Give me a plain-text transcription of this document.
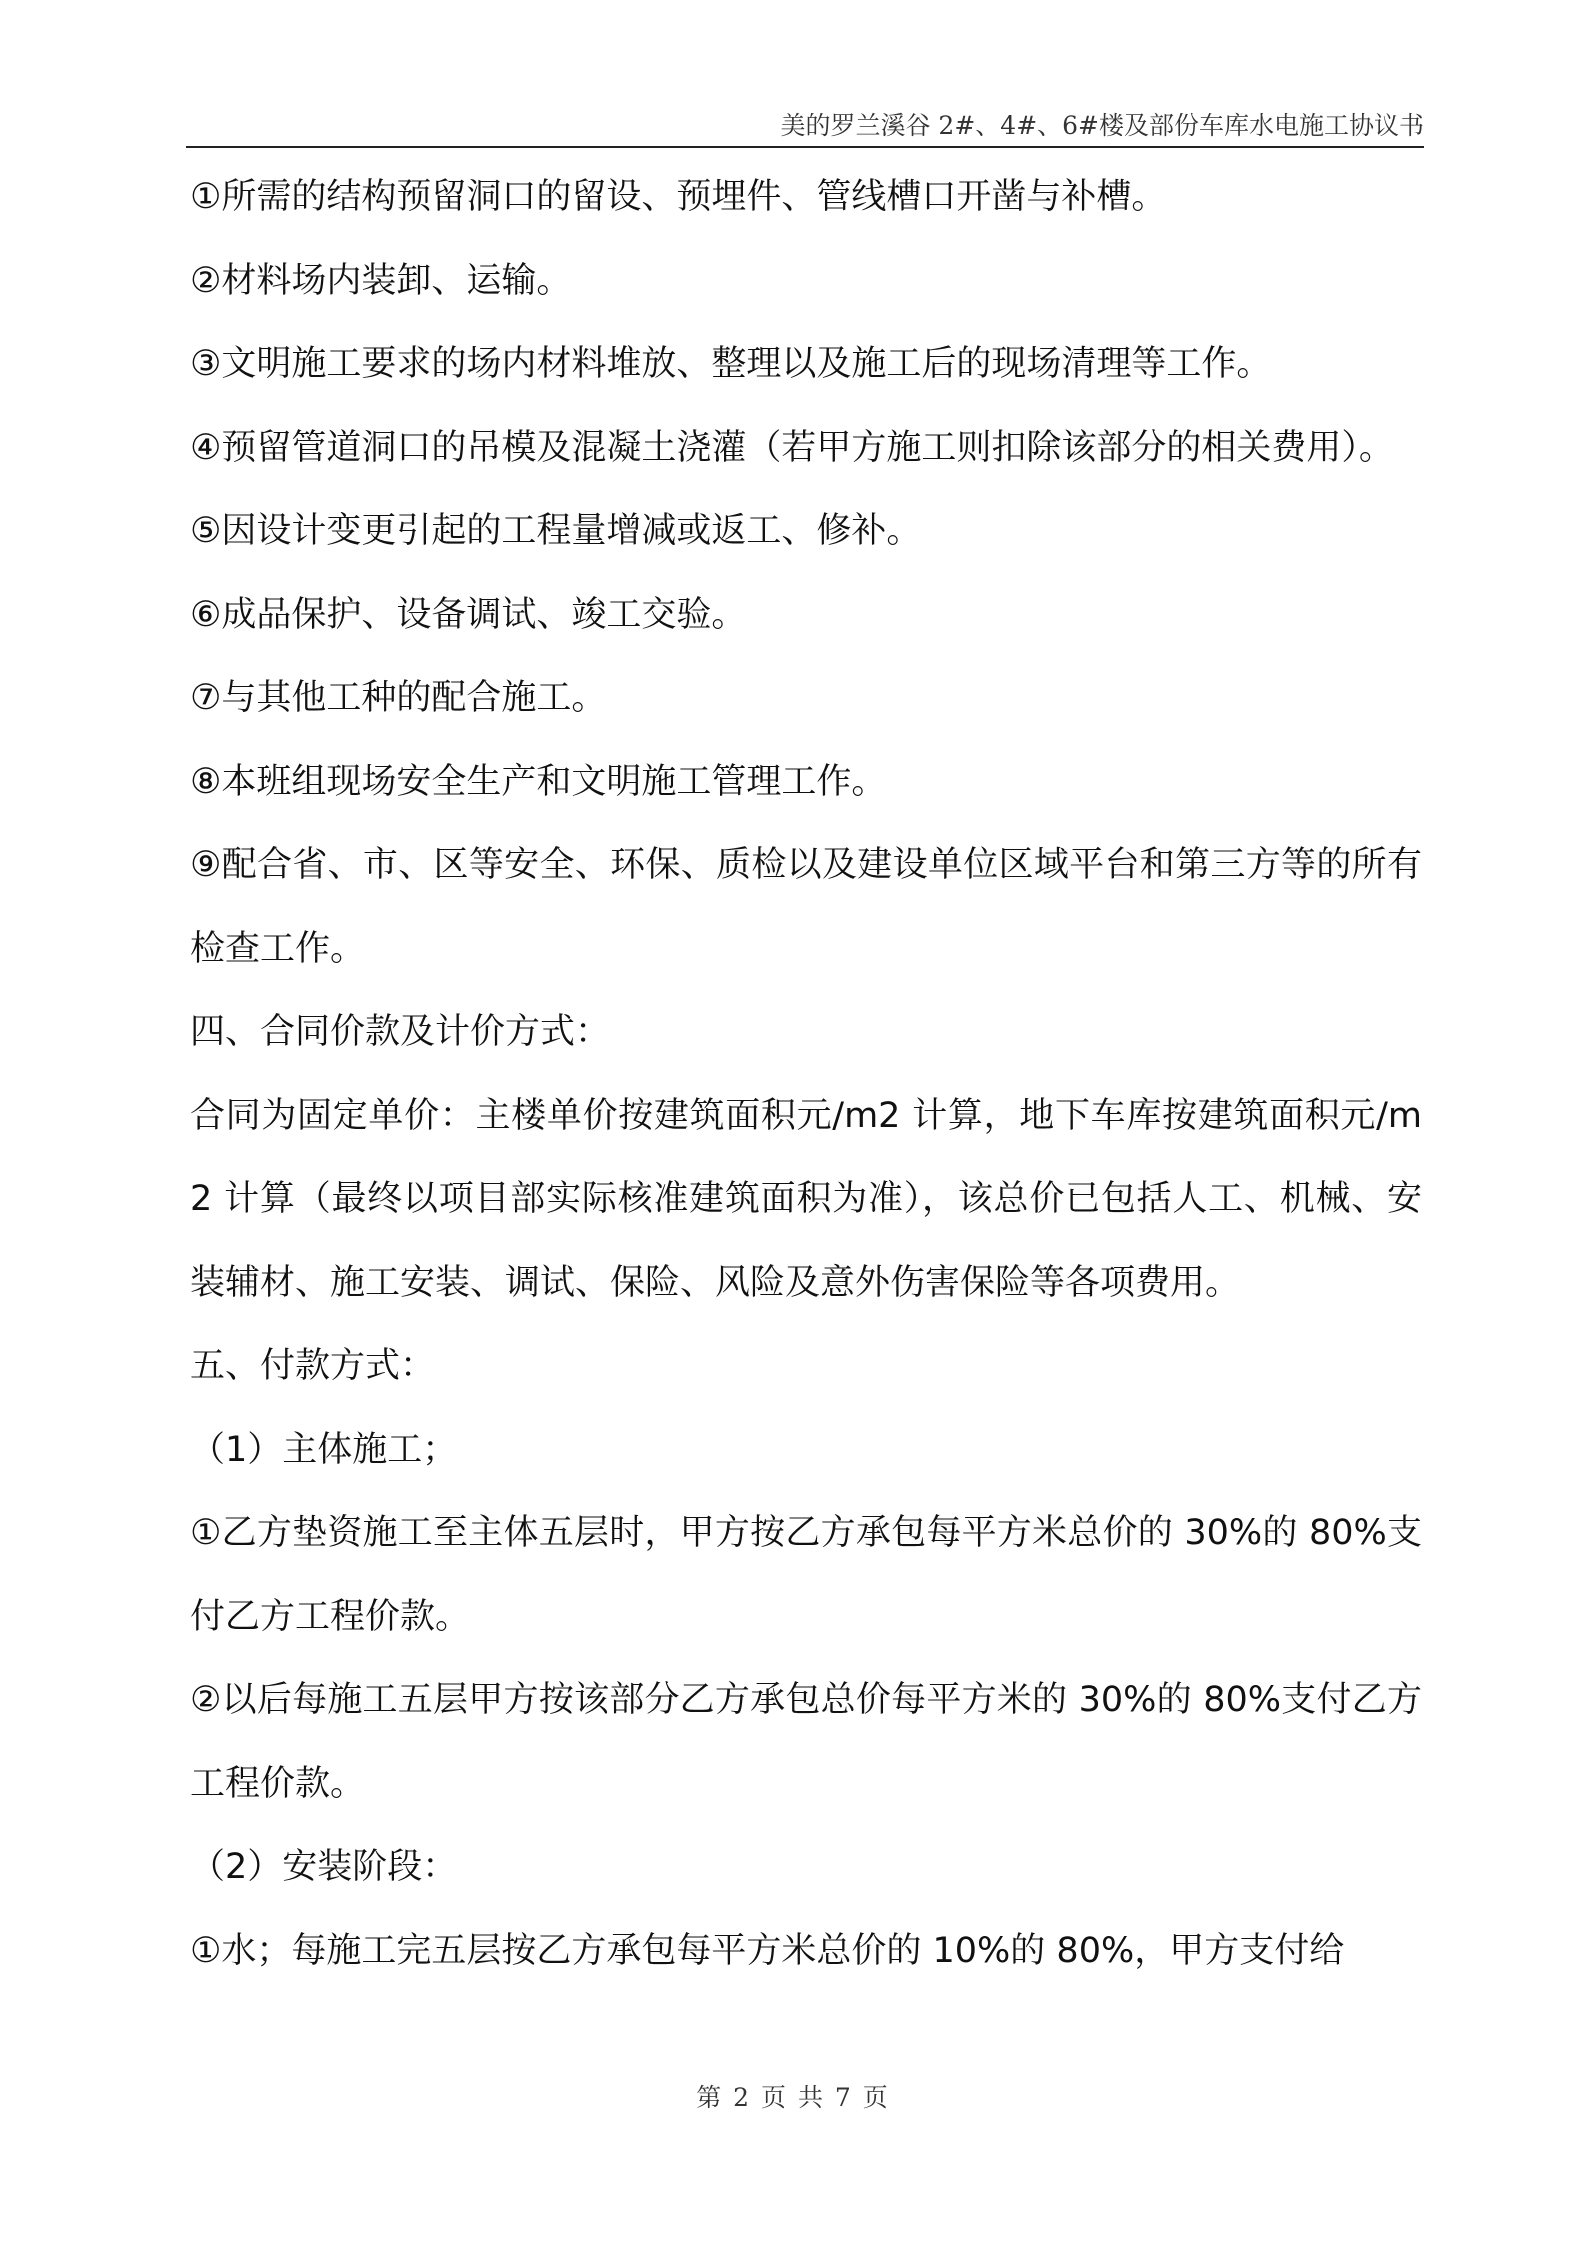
美的罗兰溪谷 2#、4#、6#楼及部份车库水电施工协议书

①所需的结构预留洞口的留设、预埋件、管线槽口开凿与补槽。

②材料场内装卸、运输。

③文明施工要求的场内材料堆放、整理以及施工后的现场清理等工作。

④预留管道洞口的吊模及混凝土浇灌（若甲方施工则扣除该部分的相关费用）。

⑤因设计变更引起的工程量增减或返工、修补。

⑥成品保护、设备调试、竣工交验。

⑦与其他工种的配合施工。

⑧本班组现场安全生产和文明施工管理工作。

⑨配合省、市、区等安全、环保、质检以及建设单位区域平台和第三方等的所有检查工作。

四、合同价款及计价方式：

合同为固定单价：主楼单价按建筑面积元/m2 计算，地下车库按建筑面积元/m2 计算（最终以项目部实际核准建筑面积为准），该总价已包括人工、机械、安装辅材、施工安装、调试、保险、风险及意外伤害保险等各项费用。

五、付款方式：

（1）主体施工；

①乙方垫资施工至主体五层时，甲方按乙方承包每平方米总价的 30%的 80%支付乙方工程价款。

②以后每施工五层甲方按该部分乙方承包总价每平方米的 30%的 80%支付乙方工程价款。

（2）安装阶段：

①水；每施工完五层按乙方承包每平方米总价的 10%的 80%，甲方支付给

第 2 页 共 7 页
